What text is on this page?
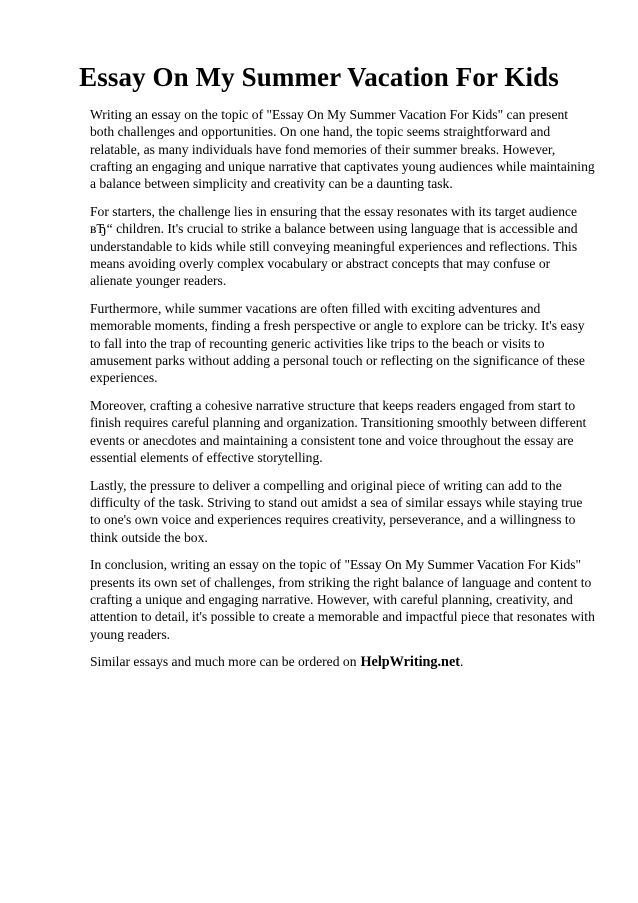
Essay On My Summer Vacation For Kids

Writing an essay on the topic of "Essay On My Summer Vacation For Kids" can present both challenges and opportunities. On one hand, the topic seems straightforward and relatable, as many individuals have fond memories of their summer breaks. However, crafting an engaging and unique narrative that captivates young audiences while maintaining a balance between simplicity and creativity can be a daunting task.

For starters, the challenge lies in ensuring that the essay resonates with its target audience вЂ“ children. It's crucial to strike a balance between using language that is accessible and understandable to kids while still conveying meaningful experiences and reflections. This means avoiding overly complex vocabulary or abstract concepts that may confuse or alienate younger readers.

Furthermore, while summer vacations are often filled with exciting adventures and memorable moments, finding a fresh perspective or angle to explore can be tricky. It's easy to fall into the trap of recounting generic activities like trips to the beach or visits to amusement parks without adding a personal touch or reflecting on the significance of these experiences.

Moreover, crafting a cohesive narrative structure that keeps readers engaged from start to finish requires careful planning and organization. Transitioning smoothly between different events or anecdotes and maintaining a consistent tone and voice throughout the essay are essential elements of effective storytelling.

Lastly, the pressure to deliver a compelling and original piece of writing can add to the difficulty of the task. Striving to stand out amidst a sea of similar essays while staying true to one's own voice and experiences requires creativity, perseverance, and a willingness to think outside the box.

In conclusion, writing an essay on the topic of "Essay On My Summer Vacation For Kids" presents its own set of challenges, from striking the right balance of language and content to crafting a unique and engaging narrative. However, with careful planning, creativity, and attention to detail, it's possible to create a memorable and impactful piece that resonates with young readers.

Similar essays and much more can be ordered on HelpWriting.net.
